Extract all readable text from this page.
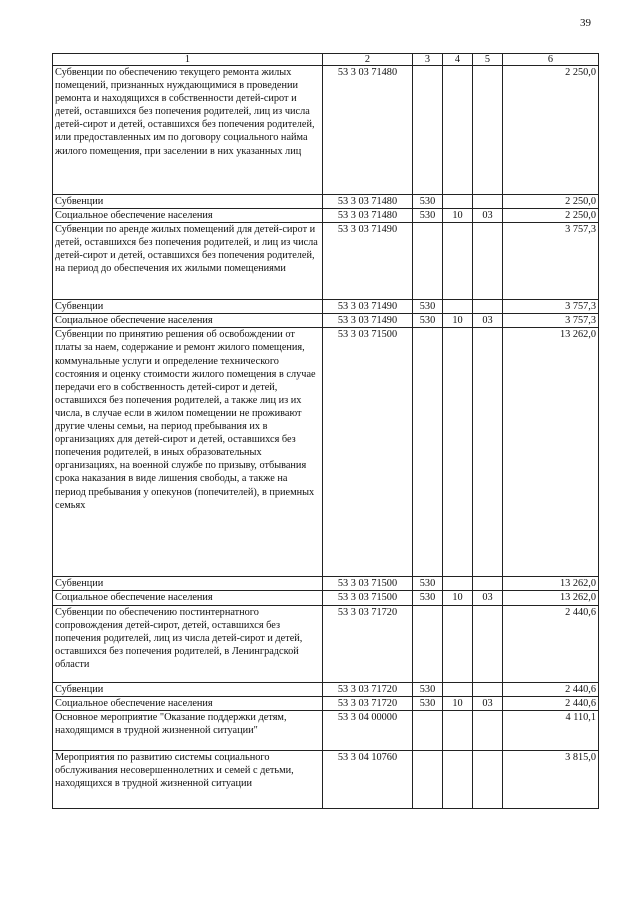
39
1	2	3	4	5	6
Субвенции по обеспечению текущего ремонта жилых помещений, признанных нуждающимися в проведении ремонта и находящихся в собственности детей-сирот и детей, оставшихся без попечения родителей, лиц из числа детей-сирот и детей, оставшихся без попечения родителей, или предоставленных им по договору социального найма жилого помещения, при заселении в них указанных лиц	53 3 03 71480				2 250,0
Субвенции	53 3 03 71480	530			2 250,0
Социальное обеспечение населения	53 3 03 71480	530	10	03	2 250,0
Субвенции по аренде жилых помещений для детей-сирот и детей, оставшихся без попечения родителей, и лиц из числа детей-сирот и детей, оставшихся без попечения родителей, на период до обеспечения их жилыми помещениями	53 3 03 71490				3 757,3
Субвенции	53 3 03 71490	530			3 757,3
Социальное обеспечение населения	53 3 03 71490	530	10	03	3 757,3
Субвенции по принятию решения об освобождении от платы за наем, содержание и ремонт жилого помещения, коммунальные услуги и определение технического состояния и оценку стоимости жилого помещения в случае передачи его в собственность детей-сирот и детей, оставшихся без попечения родителей, а также лиц из их числа, в случае если в жилом помещении не проживают другие члены семьи, на период пребывания их в организациях для детей-сирот и детей, оставшихся без попечения родителей, в иных образовательных организациях, на военной службе по призыву, отбывания срока наказания в виде лишения свободы, а также на период пребывания у опекунов (попечителей), в приемных семьях	53 3 03 71500				13 262,0
Субвенции	53 3 03 71500	530			13 262,0
Социальное обеспечение населения	53 3 03 71500	530	10	03	13 262,0
Субвенции по обеспечению постинтернатного сопровождения детей-сирот, детей, оставшихся без попечения родителей, лиц из числа детей-сирот и детей, оставшихся без попечения родителей, в Ленинградской области	53 3 03 71720				2 440,6
Субвенции	53 3 03 71720	530			2 440,6
Социальное обеспечение населения	53 3 03 71720	530	10	03	2 440,6
Основное мероприятие "Оказание поддержки детям, находящимся в трудной жизненной ситуации"	53 3 04 00000				4 110,1
Мероприятия по развитию системы социального обслуживания несовершеннолетних и семей с детьми, находящихся в трудной жизненной ситуации	53 3 04 10760				3 815,0
